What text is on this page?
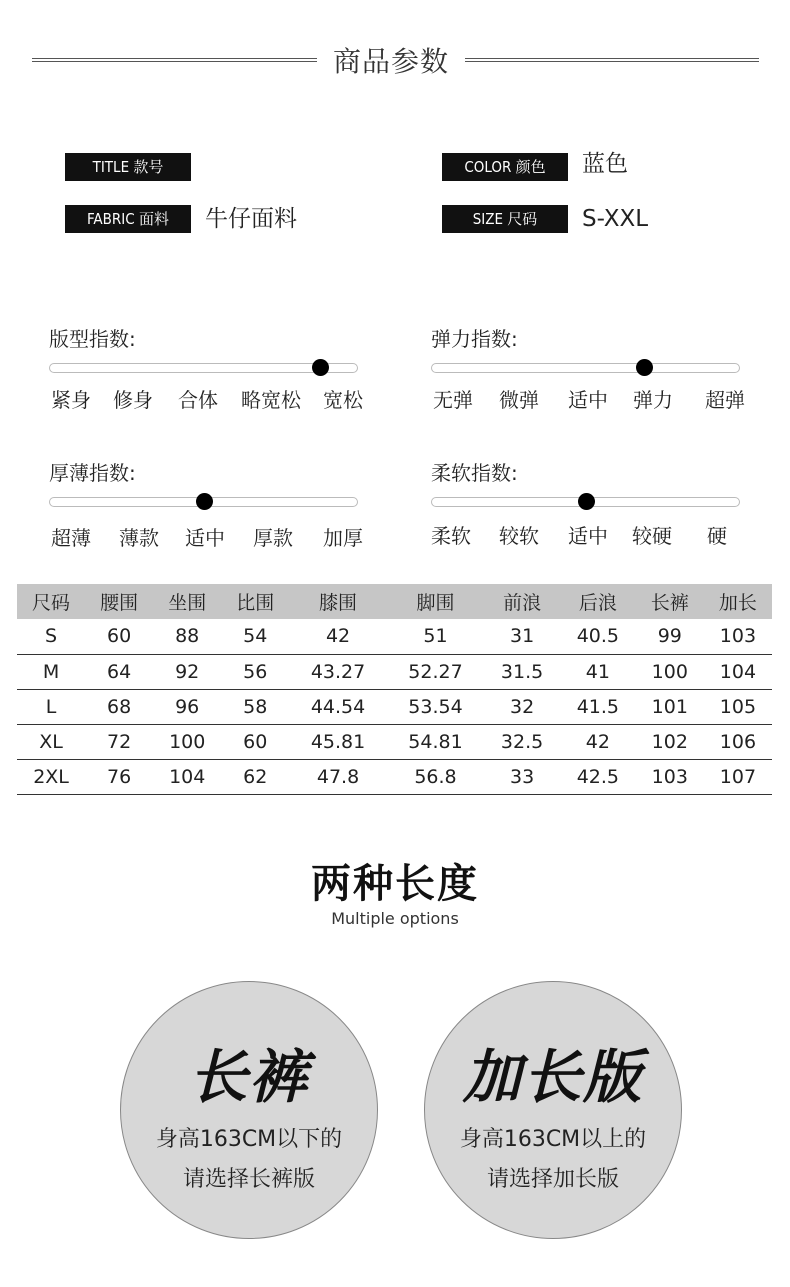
商品参数
TITLE 款号	COLOR 颜色	蓝色
FABRIC 面料	牛仔面料	SIZE 尺码	S-XXL
版型指数:
紧身 修身 合体 略宽松 宽松
弹力指数:
无弹 微弹 适中 弹力 超弹
厚薄指数:
超薄 薄款 适中 厚款 加厚
柔软指数:
柔软 较软 适中 较硬 硬
尺码	腰围	坐围	比围	膝围	脚围	前浪	后浪	长裤	加长
S	60	88	54	42	51	31	40.5	99	103
M	64	92	56	43.27	52.27	31.5	41	100	104
L	68	96	58	44.54	53.54	32	41.5	101	105
XL	72	100	60	45.81	54.81	32.5	42	102	106
2XL	76	104	62	47.8	56.8	33	42.5	103	107
两种长度
Multiple options
长裤
身高163CM以下的
请选择长裤版
加长版
身高163CM以上的
请选择加长版
